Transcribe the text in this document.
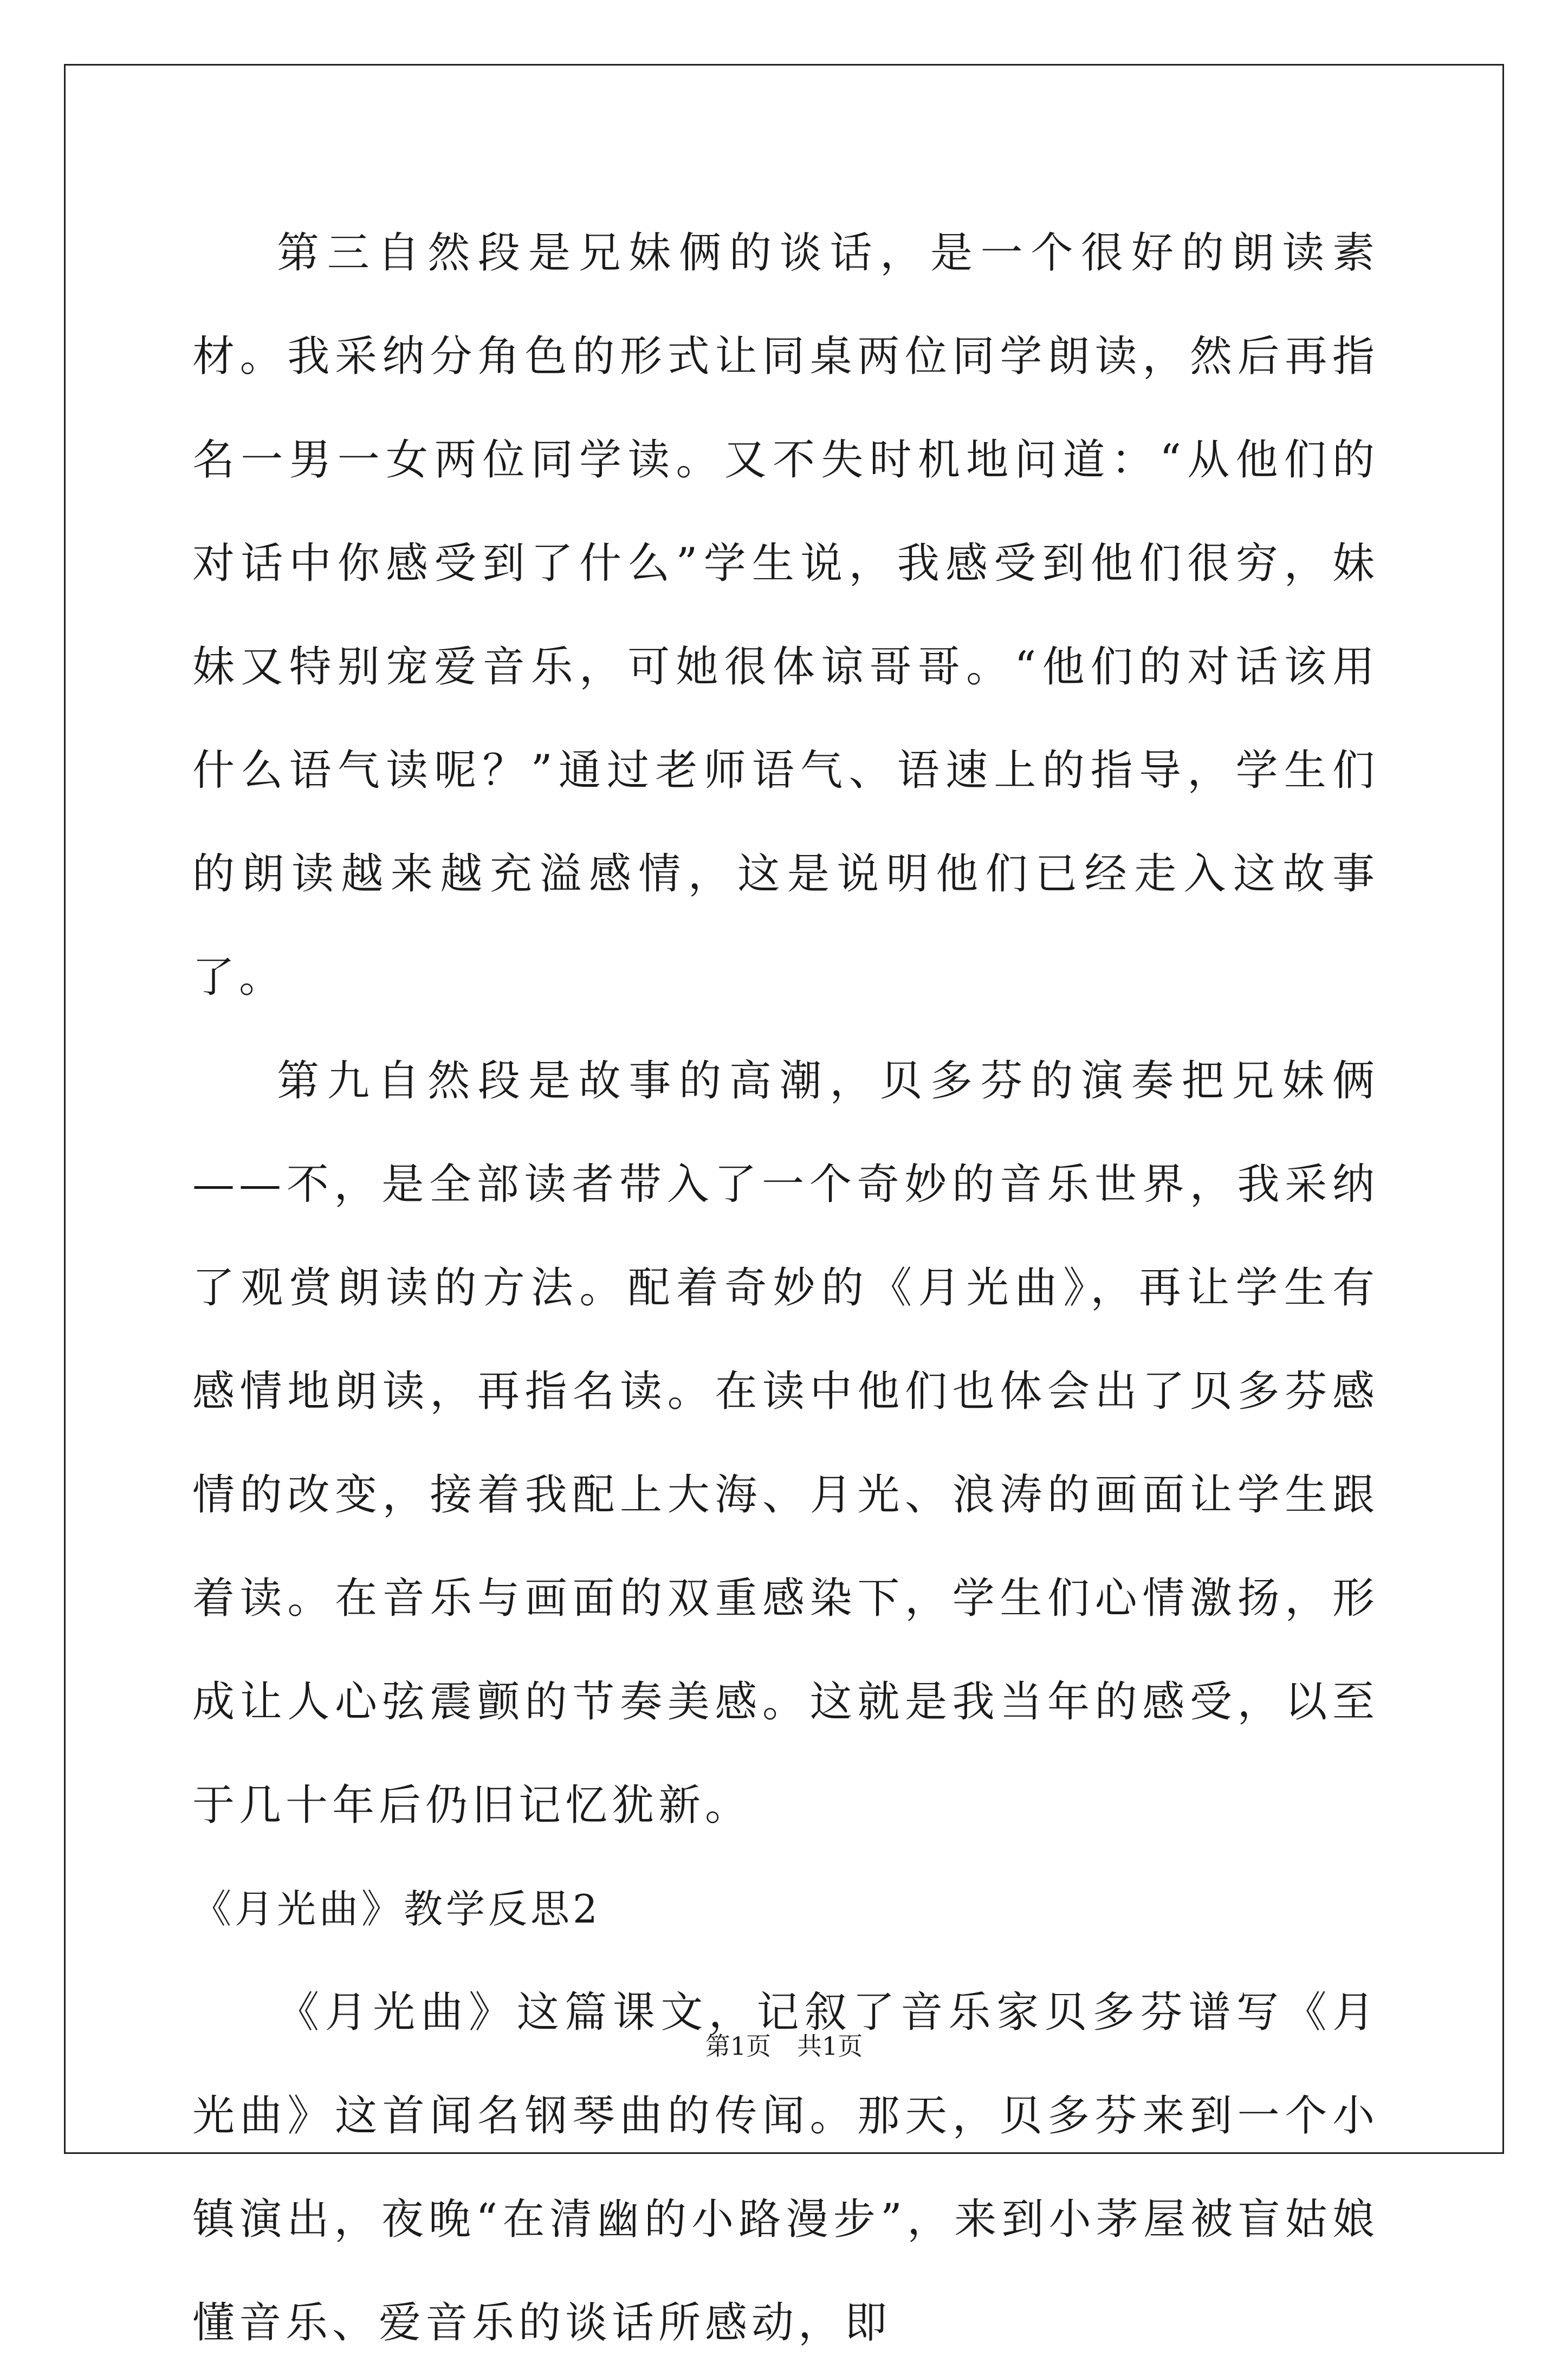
第三自然段是兄妹俩的谈话，是一个很好的朗读素材。我采纳分角色的形式让同桌两位同学朗读，然后再指名一男一女两位同学读。又不失时机地问道：“从他们的对话中你感受到了什么”学生说，我感受到他们很穷，妹妹又特别宠爱音乐，可她很体谅哥哥。“他们的对话该用什么语气读呢？”通过老师语气、语速上的指导，学生们的朗读越来越充溢感情，这是说明他们已经走入这故事了。

第九自然段是故事的高潮，贝多芬的演奏把兄妹俩——不，是全部读者带入了一个奇妙的音乐世界，我采纳了观赏朗读的方法。配着奇妙的《月光曲》，再让学生有感情地朗读，再指名读。在读中他们也体会出了贝多芬感情的改变，接着我配上大海、月光、浪涛的画面让学生跟着读。在音乐与画面的双重感染下，学生们心情激扬，形成让人心弦震颤的节奏美感。这就是我当年的感受，以至于几十年后仍旧记忆犹新。

《月光曲》教学反思2

《月光曲》这篇课文，记叙了音乐家贝多芬谱写《月光曲》这首闻名钢琴曲的传闻。那天，贝多芬来到一个小镇演出，夜晚“在清幽的小路漫步”，来到小茅屋被盲姑娘懂音乐、爱音乐的谈话所感动，即

第1页 共1页
